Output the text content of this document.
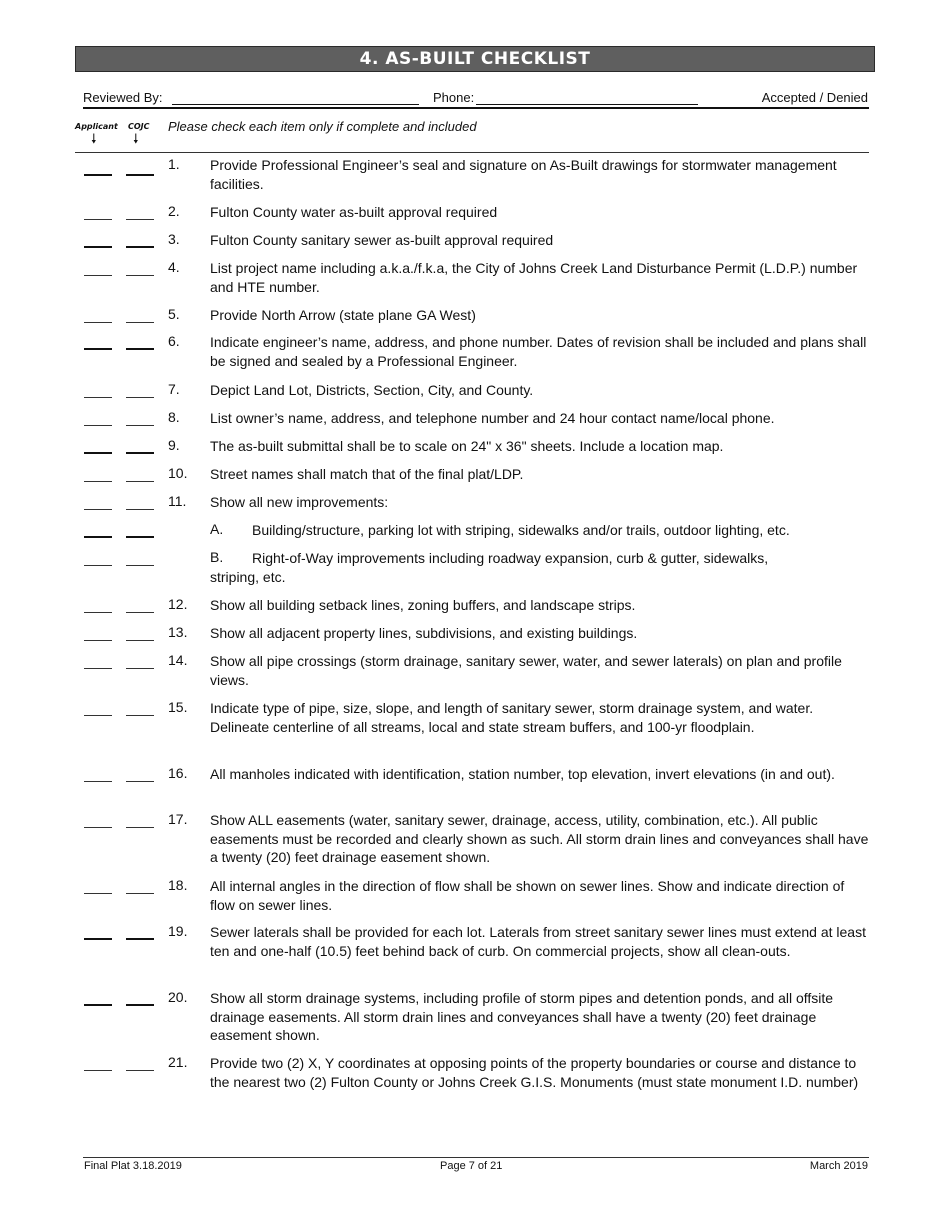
4. AS-BUILT CHECKLIST
Reviewed By:	Phone:	Accepted / Denied
Applicant COJC
🠗	🠗
Please check each item only if complete and included
1. Provide Professional Engineer’s seal and signature on As-Built drawings for stormwater management facilities.
2. Fulton County water as-built approval required
3. Fulton County sanitary sewer as-built approval required
4. List project name including a.k.a./f.k.a, the City of Johns Creek Land Disturbance Permit (L.D.P.) number and HTE number.
5. Provide North Arrow (state plane GA West)
6. Indicate engineer’s name, address, and phone number. Dates of revision shall be included and plans shall be signed and sealed by a Professional Engineer.
7. Depict Land Lot, Districts, Section, City, and County.
8. List owner’s name, address, and telephone number and 24 hour contact name/local phone.
9. The as-built submittal shall be to scale on 24" x 36" sheets. Include a location map.
10. Street names shall match that of the final plat/LDP.
11. Show all new improvements:
A. Building/structure, parking lot with striping, sidewalks and/or trails, outdoor lighting, etc.
B. Right-of-Way improvements including roadway expansion, curb & gutter, sidewalks,
striping, etc.
12. Show all building setback lines, zoning buffers, and landscape strips.
13. Show all adjacent property lines, subdivisions, and existing buildings.
14. Show all pipe crossings (storm drainage, sanitary sewer, water, and sewer laterals) on plan and profile views.
15. Indicate type of pipe, size, slope, and length of sanitary sewer, storm drainage system, and water. Delineate centerline of all streams, local and state stream buffers, and 100-yr floodplain.
16. All manholes indicated with identification, station number, top elevation, invert elevations (in and out).
17. Show ALL easements (water, sanitary sewer, drainage, access, utility, combination, etc.). All public easements must be recorded and clearly shown as such. All storm drain lines and conveyances shall have a twenty (20) feet drainage easement shown.
18. All internal angles in the direction of flow shall be shown on sewer lines. Show and indicate direction of flow on sewer lines.
19. Sewer laterals shall be provided for each lot. Laterals from street sanitary sewer lines must extend at least ten and one-half (10.5) feet behind back of curb. On commercial projects, show all clean-outs.
20. Show all storm drainage systems, including profile of storm pipes and detention ponds, and all offsite drainage easements. All storm drain lines and conveyances shall have a twenty (20) feet drainage easement shown.
21. Provide two (2) X, Y coordinates at opposing points of the property boundaries or course and distance to the nearest two (2) Fulton County or Johns Creek G.I.S. Monuments (must state monument I.D. number)
Final Plat 3.18.2019	Page 7 of 21	March 2019
